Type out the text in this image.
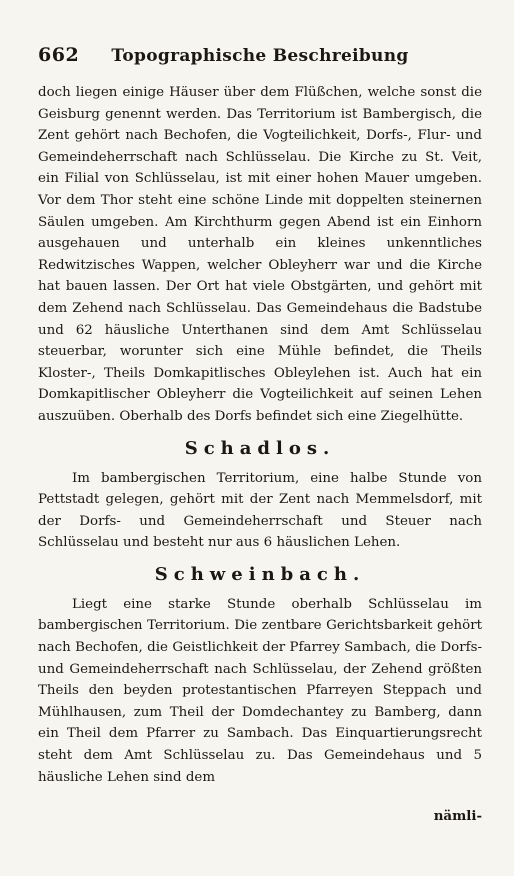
662	Topographische Beschreibung

doch liegen einige Häuser über dem Flüßchen, welche sonst die Geisburg genennt werden. Das Territorium ist Bambergisch, die Zent gehört nach Bechofen, die Vogteilichkeit, Dorfs-, Flur- und Gemeindeherrschaft nach Schlüsselau. Die Kirche zu St. Veit, ein Filial von Schlüsselau, ist mit einer hohen Mauer umgeben. Vor dem Thor steht eine schöne Linde mit doppelten steinernen Säulen umgeben. Am Kirchthurm gegen Abend ist ein Einhorn ausgehauen und unterhalb ein kleines unkenntliches Redwitzisches Wappen, welcher Obleyherr war und die Kirche hat bauen lassen. Der Ort hat viele Obstgärten, und gehört mit dem Zehend nach Schlüsselau. Das Gemeindehaus die Badstube und 62 häusliche Unterthanen sind dem Amt Schlüsselau steuerbar, worunter sich eine Mühle befindet, die Theils Kloster-, Theils Domkapitlisches Obleylehen ist. Auch hat ein Domkapitlischer Obleyherr die Vogteilichkeit auf seinen Lehen auszuüben. Oberhalb des Dorfs befindet sich eine Ziegelhütte.

Schadlos.

Im bambergischen Territorium, eine halbe Stunde von Pettstadt gelegen, gehört mit der Zent nach Memmelsdorf, mit der Dorfs- und Gemeindeherrschaft und Steuer nach Schlüsselau und besteht nur aus 6 häuslichen Lehen.

Schweinbach.

Liegt eine starke Stunde oberhalb Schlüsselau im bambergischen Territorium. Die zentbare Gerichtsbarkeit gehört nach Bechofen, die Geistlichkeit der Pfarrey Sambach, die Dorfs- und Gemeindeherrschaft nach Schlüsselau, der Zehend größten Theils den beyden protestantischen Pfarreyen Steppach und Mühlhausen, zum Theil der Domdechantey zu Bamberg, dann ein Theil dem Pfarrer zu Sambach. Das Einquartierungsrecht steht dem Amt Schlüsselau zu. Das Gemeindehaus und 5 häusliche Lehen sind dem

nämli-
